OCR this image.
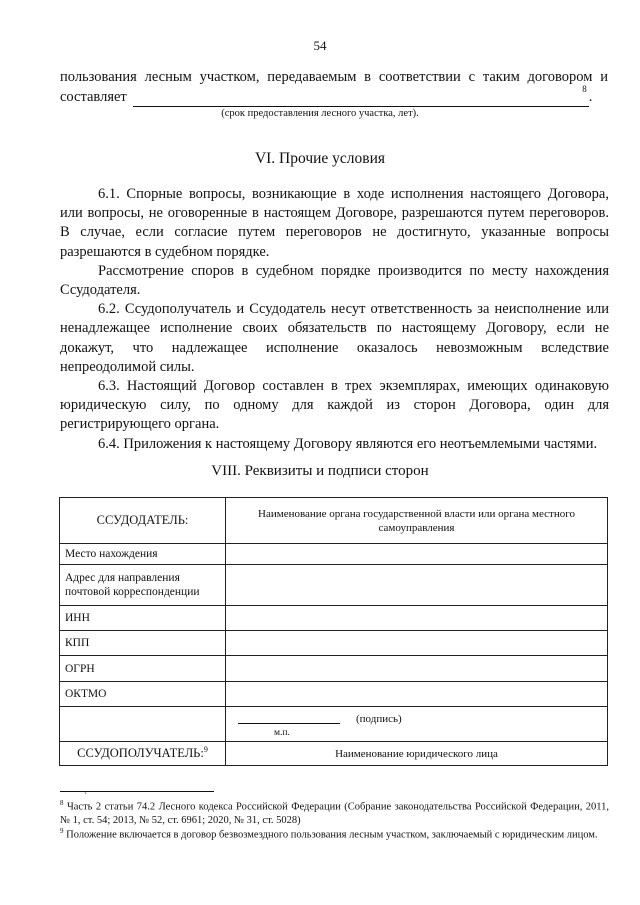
54
пользования лесным участком, передаваемым в соответствии с таким договором и
составляет	8 .
(срок предоставления лесного участка, лет).
VI. Прочие условия

6.1. Спорные вопросы, возникающие в ходе исполнения настоящего Договора, или вопросы, не оговоренные в настоящем Договоре, разрешаются путем переговоров. В случае, если согласие путем переговоров не достигнуто, указанные вопросы разрешаются в судебном порядке.

Рассмотрение споров в судебном порядке производится по месту нахождения Ссудодателя.

6.2. Ссудополучатель и Ссудодатель несут ответственность за неисполнение или ненадлежащее исполнение своих обязательств по настоящему Договору, если не докажут, что надлежащее исполнение оказалось невозможным вследствие непреодолимой силы.

6.3. Настоящий Договор составлен в трех экземплярах, имеющих одинаковую юридическую силу, по одному для каждой из сторон Договора, один для регистрирующего органа.

6.4. Приложения к настоящему Договору являются его неотъемлемыми частями.

VIII. Реквизиты и подписи сторон
ССУДОДАТЕЛЬ:	Наименование органа государственной власти или органа местного самоуправления
Место нахождения	
Адрес для направления почтовой корреспонденции	
ИНН	
КПП	
ОГРН	
ОКТМО	

	(подпись)
м.п.

ССУДОПОЛУЧАТЕЛЬ:$^9$	Наименование юридического лица
ˎ
$^8$ Часть 2 статьи 74.2 Лесного кодекса Российской Федерации (Собрание законодательства Российской Федерации, 2011, № 1, ст. 54; 2013, № 52, ст. 6961; 2020, № 31, ст. 5028)
$^9$ Положение включается в договор безвозмездного пользования лесным участком, заключаемый с юридическим лицом.
